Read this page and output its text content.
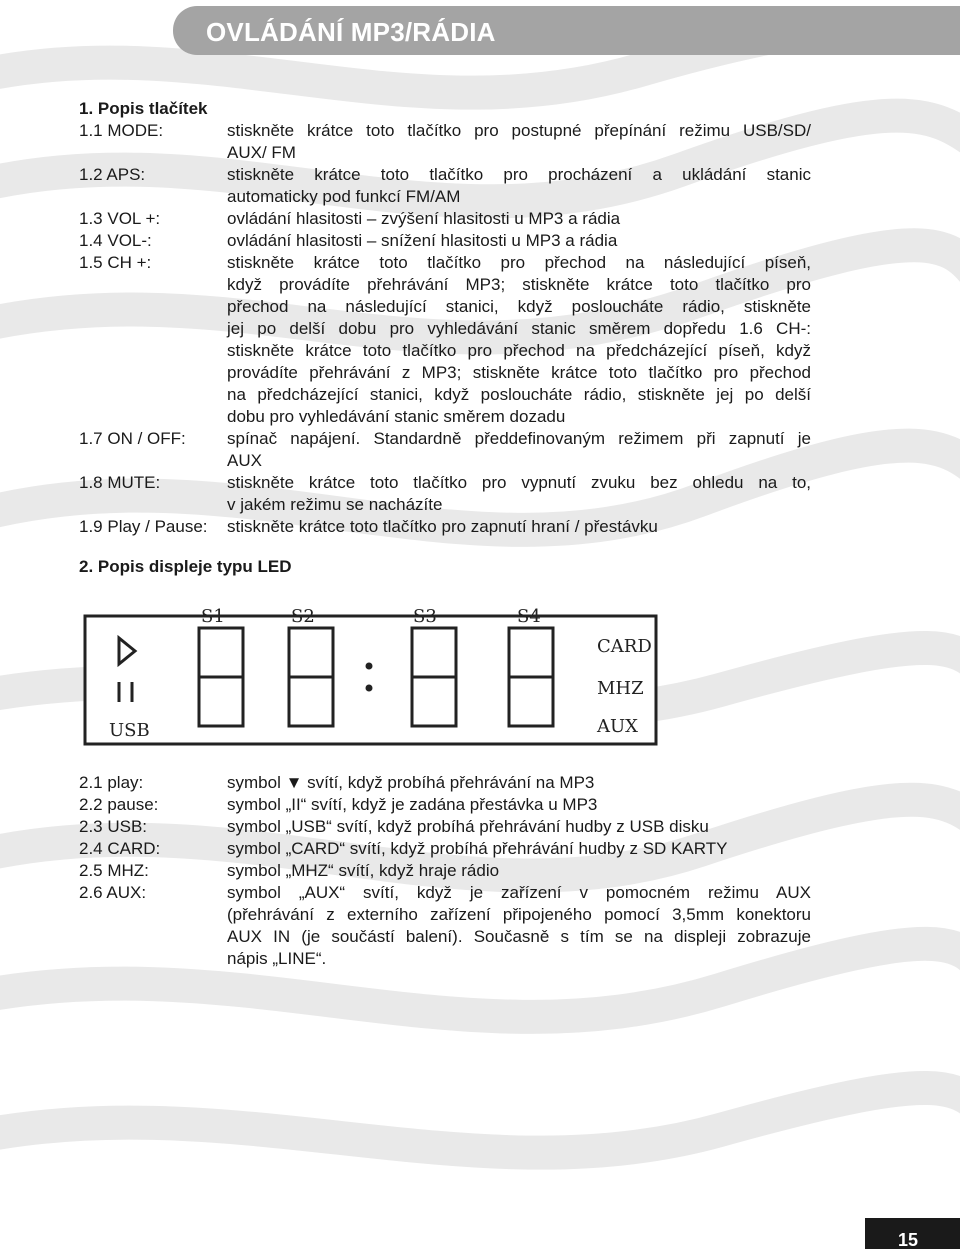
OVLÁDÁNÍ MP3/RÁDIA
1. Popis tlačítek
1.1 MODE:	stiskněte krátce toto tlačítko pro postupné přepínání režimu USB/SD/
AUX/ FM
1.2 APS:	stiskněte krátce toto tlačítko pro procházení a ukládání stanic
automaticky pod funkcí FM/AM
1.3 VOL +:	ovládání hlasitosti – zvýšení hlasitosti u MP3 a rádia
1.4 VOL-:	ovládání hlasitosti – snížení hlasitosti u MP3 a rádia
1.5 CH +:	stiskněte krátce toto tlačítko pro přechod na následující píseň,
když provádíte přehrávání MP3; stiskněte krátce toto tlačítko pro
přechod na následující stanici, když posloucháte rádio, stiskněte
jej po delší dobu pro vyhledávání stanic směrem dopředu 1.6 CH-:
stiskněte krátce toto tlačítko pro přechod na předcházející píseň, když
provádíte přehrávání z MP3; stiskněte krátce toto tlačítko pro přechod
na předcházející stanici, když posloucháte rádio, stiskněte jej po delší
dobu pro vyhledávání stanic směrem dozadu
1.7 ON / OFF:	spínač napájení. Standardně předdefinovaným režimem při zapnutí je
AUX
1.8 MUTE:	stiskněte krátce toto tlačítko pro vypnutí zvuku bez ohledu na to,
v jakém režimu se nacházíte
1.9 Play / Pause:	stiskněte krátce toto tlačítko pro zapnutí hraní / přestávku
2. Popis displeje typu LED
S1	S2	S3	S4
USB
CARD
MHZ
AUX
2.1 play:	symbol ▼ svítí, když probíhá přehrávání na MP3
2.2 pause:	symbol „II“ svítí, když je zadána přestávka u MP3
2.3 USB:	symbol „USB“ svítí, když probíhá přehrávání hudby z USB disku
2.4 CARD:	symbol „CARD“ svítí, když probíhá přehrávání hudby z SD KARTY
2.5 MHZ:	symbol „MHZ“ svítí, když hraje rádio
2.6 AUX:	symbol „AUX“ svítí, když je zařízení v pomocném režimu AUX
(přehrávání z externího zařízení připojeného pomocí 3,5mm konektoru
AUX IN (je součástí balení). Současně s tím se na displeji zobrazuje
nápis „LINE“.
15
